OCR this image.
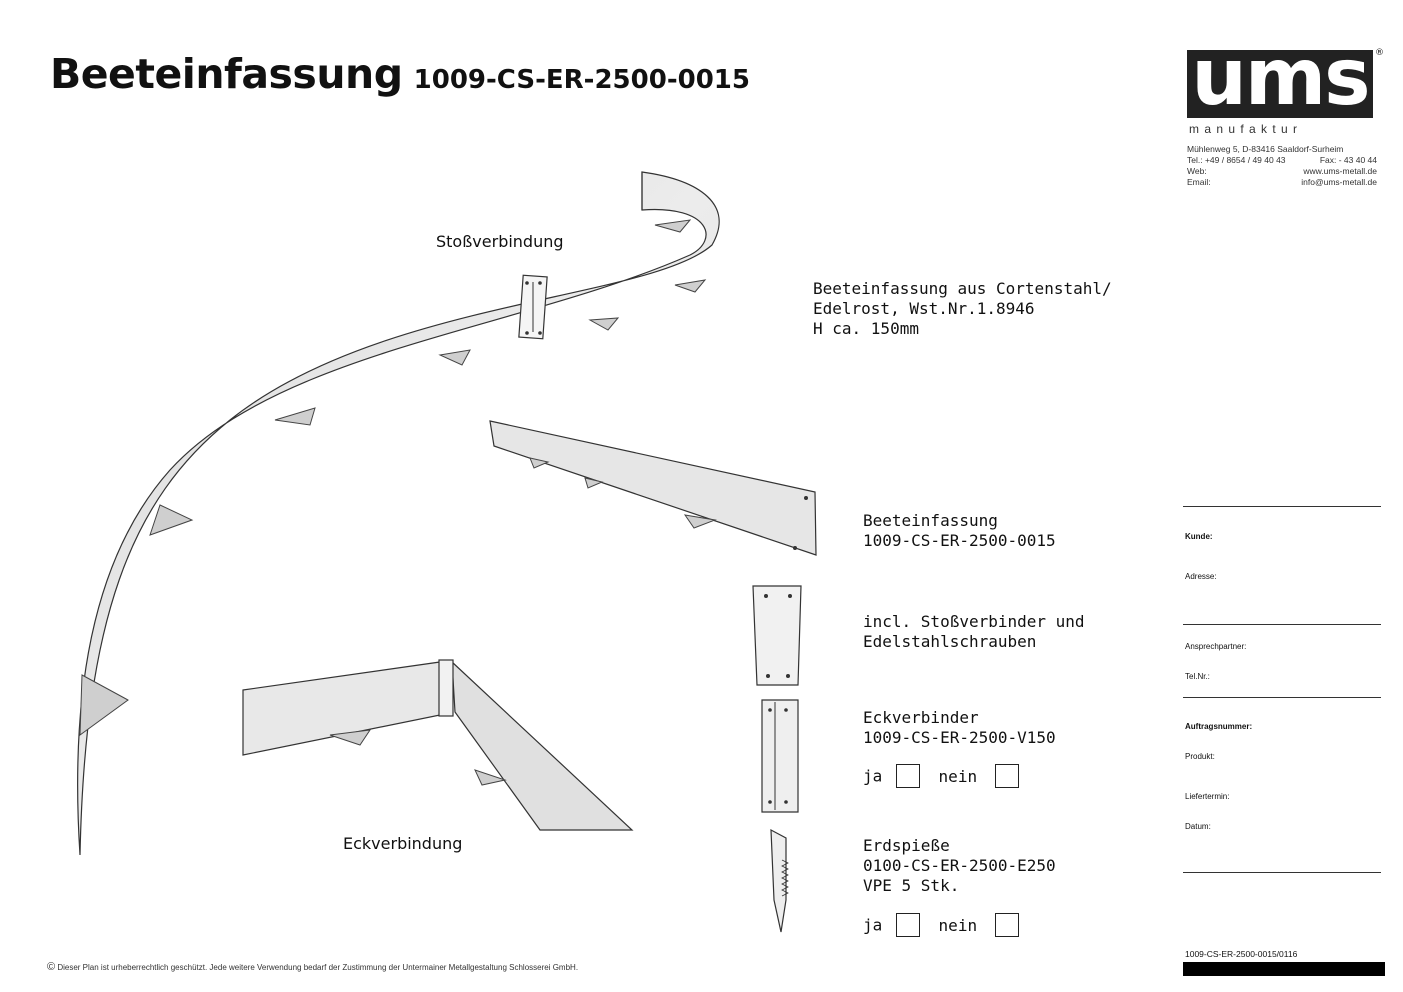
Beeteinfassung 1009-CS-ER-2500-0015	ums ®
m a n u f a k t u r
Mühlenweg 5, D-83416 Saaldorf-Surheim
Tel.: +49 / 8654 / 49 40 43	Fax: - 43 40 44
Web:	www.ums-metall.de
Email:	info@ums-metall.de
Stoßverbindung
Eckverbindung
Beeteinfassung aus Cortenstahl/
Edelrost, Wst.Nr.1.8946
H ca. 150mm
Beeteinfassung
1009-CS-ER-2500-0015
incl. Stoßverbinder und
Edelstahlschrauben
Eckverbinder
1009-CS-ER-2500-V150
ja	nein
Erdspieße
0100-CS-ER-2500-E250
VPE 5 Stk.
ja	nein
Kunde:
Adresse:
Ansprechpartner:
Tel.Nr.:
Auftragsnummer:
Produkt:
Liefertermin:
Datum:
1009-CS-ER-2500-0015/0116
© Dieser Plan ist urheberrechtlich geschützt. Jede weitere Verwendung bedarf der Zustimmung der Untermainer Metallgestaltung Schlosserei GmbH.
